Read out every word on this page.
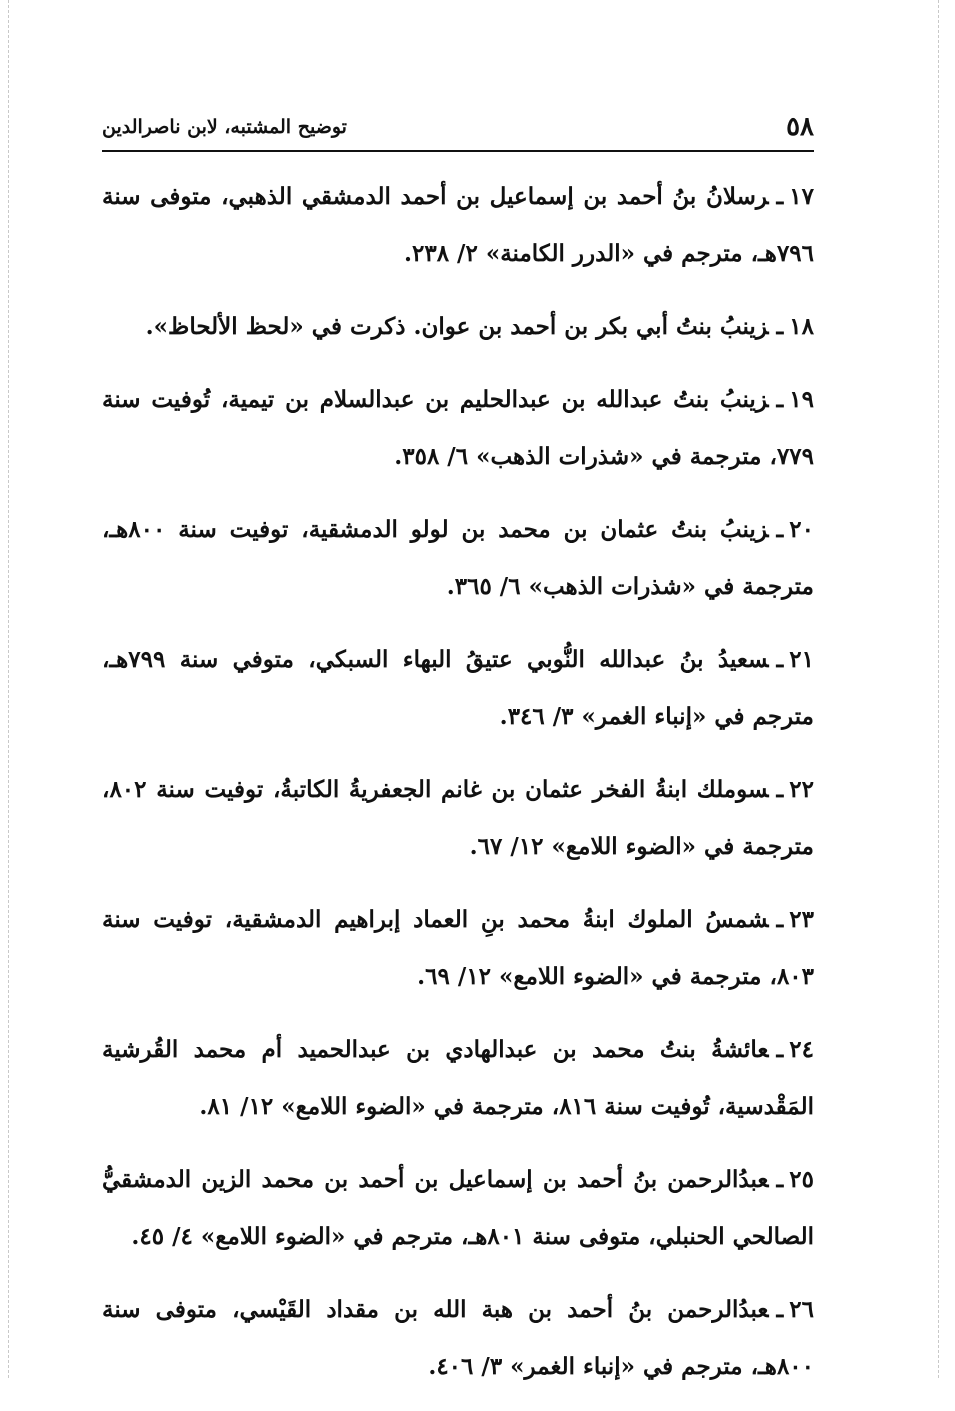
٥٨
توضيح المشتبه، لابن ناصرالدين

١٧ـرسلانُ بنُ أحمد بن إسماعيل بن أحمد الدمشقي الذهبي، متوفى سنة ٧٩٦هـ، مترجم في «الدرر الكامنة» ٢/ ٢٣٨.

١٨ـزينبُ بنتُ أبي بكر بن أحمد بن عوان. ذكرت في «لحظ الألحاظ».

١٩ـزينبُ بنتُ عبدالله بن عبدالحليم بن عبدالسلام بن تيمية، تُوفيت سنة ٧٧٩، مترجمة في «شذرات الذهب» ٦/ ٣٥٨.

٢٠ـزينبُ بنتُ عثمان بن محمد بن لولو الدمشقية، توفيت سنة ٨٠٠هـ، مترجمة في «شذرات الذهب» ٦/ ٣٦٥.

٢١ـسعيدُ بنُ عبدالله النُّوبي عتيقُ البهاء السبكي، متوفي سنة ٧٩٩هـ، مترجم في «إنباء الغمر» ٣/ ٣٤٦.

٢٢ـسوملك ابنةُ الفخر عثمان بن غانم الجعفريةُ الكاتبةُ، توفيت سنة ٨٠٢، مترجمة في «الضوء اللامع» ١٢/ ٦٧.

٢٣ـشمسُ الملوك ابنةُ محمد بنِ العماد إبراهيم الدمشقية، توفيت سنة ٨٠٣، مترجمة في «الضوء اللامع» ١٢/ ٦٩.

٢٤ـعائشةُ بنتُ محمد بن عبدالهادي بن عبدالحميد أم محمد القُرشية المَقْدسية، تُوفيت سنة ٨١٦، مترجمة في «الضوء اللامع» ١٢/ ٨١.

٢٥ـعبدُالرحمن بنُ أحمد بن إسماعيل بن أحمد بن محمد الزين الدمشقيُّ الصالحي الحنبلي، متوفى سنة ٨٠١هـ، مترجم في «الضوء اللامع» ٤/ ٤٥.

٢٦ـعبدُالرحمن بنُ أحمد بن هبة الله بن مقداد القَيْسي، متوفى سنة ٨٠٠هـ، مترجم في «إنباء الغمر» ٣/ ٤٠٦.
